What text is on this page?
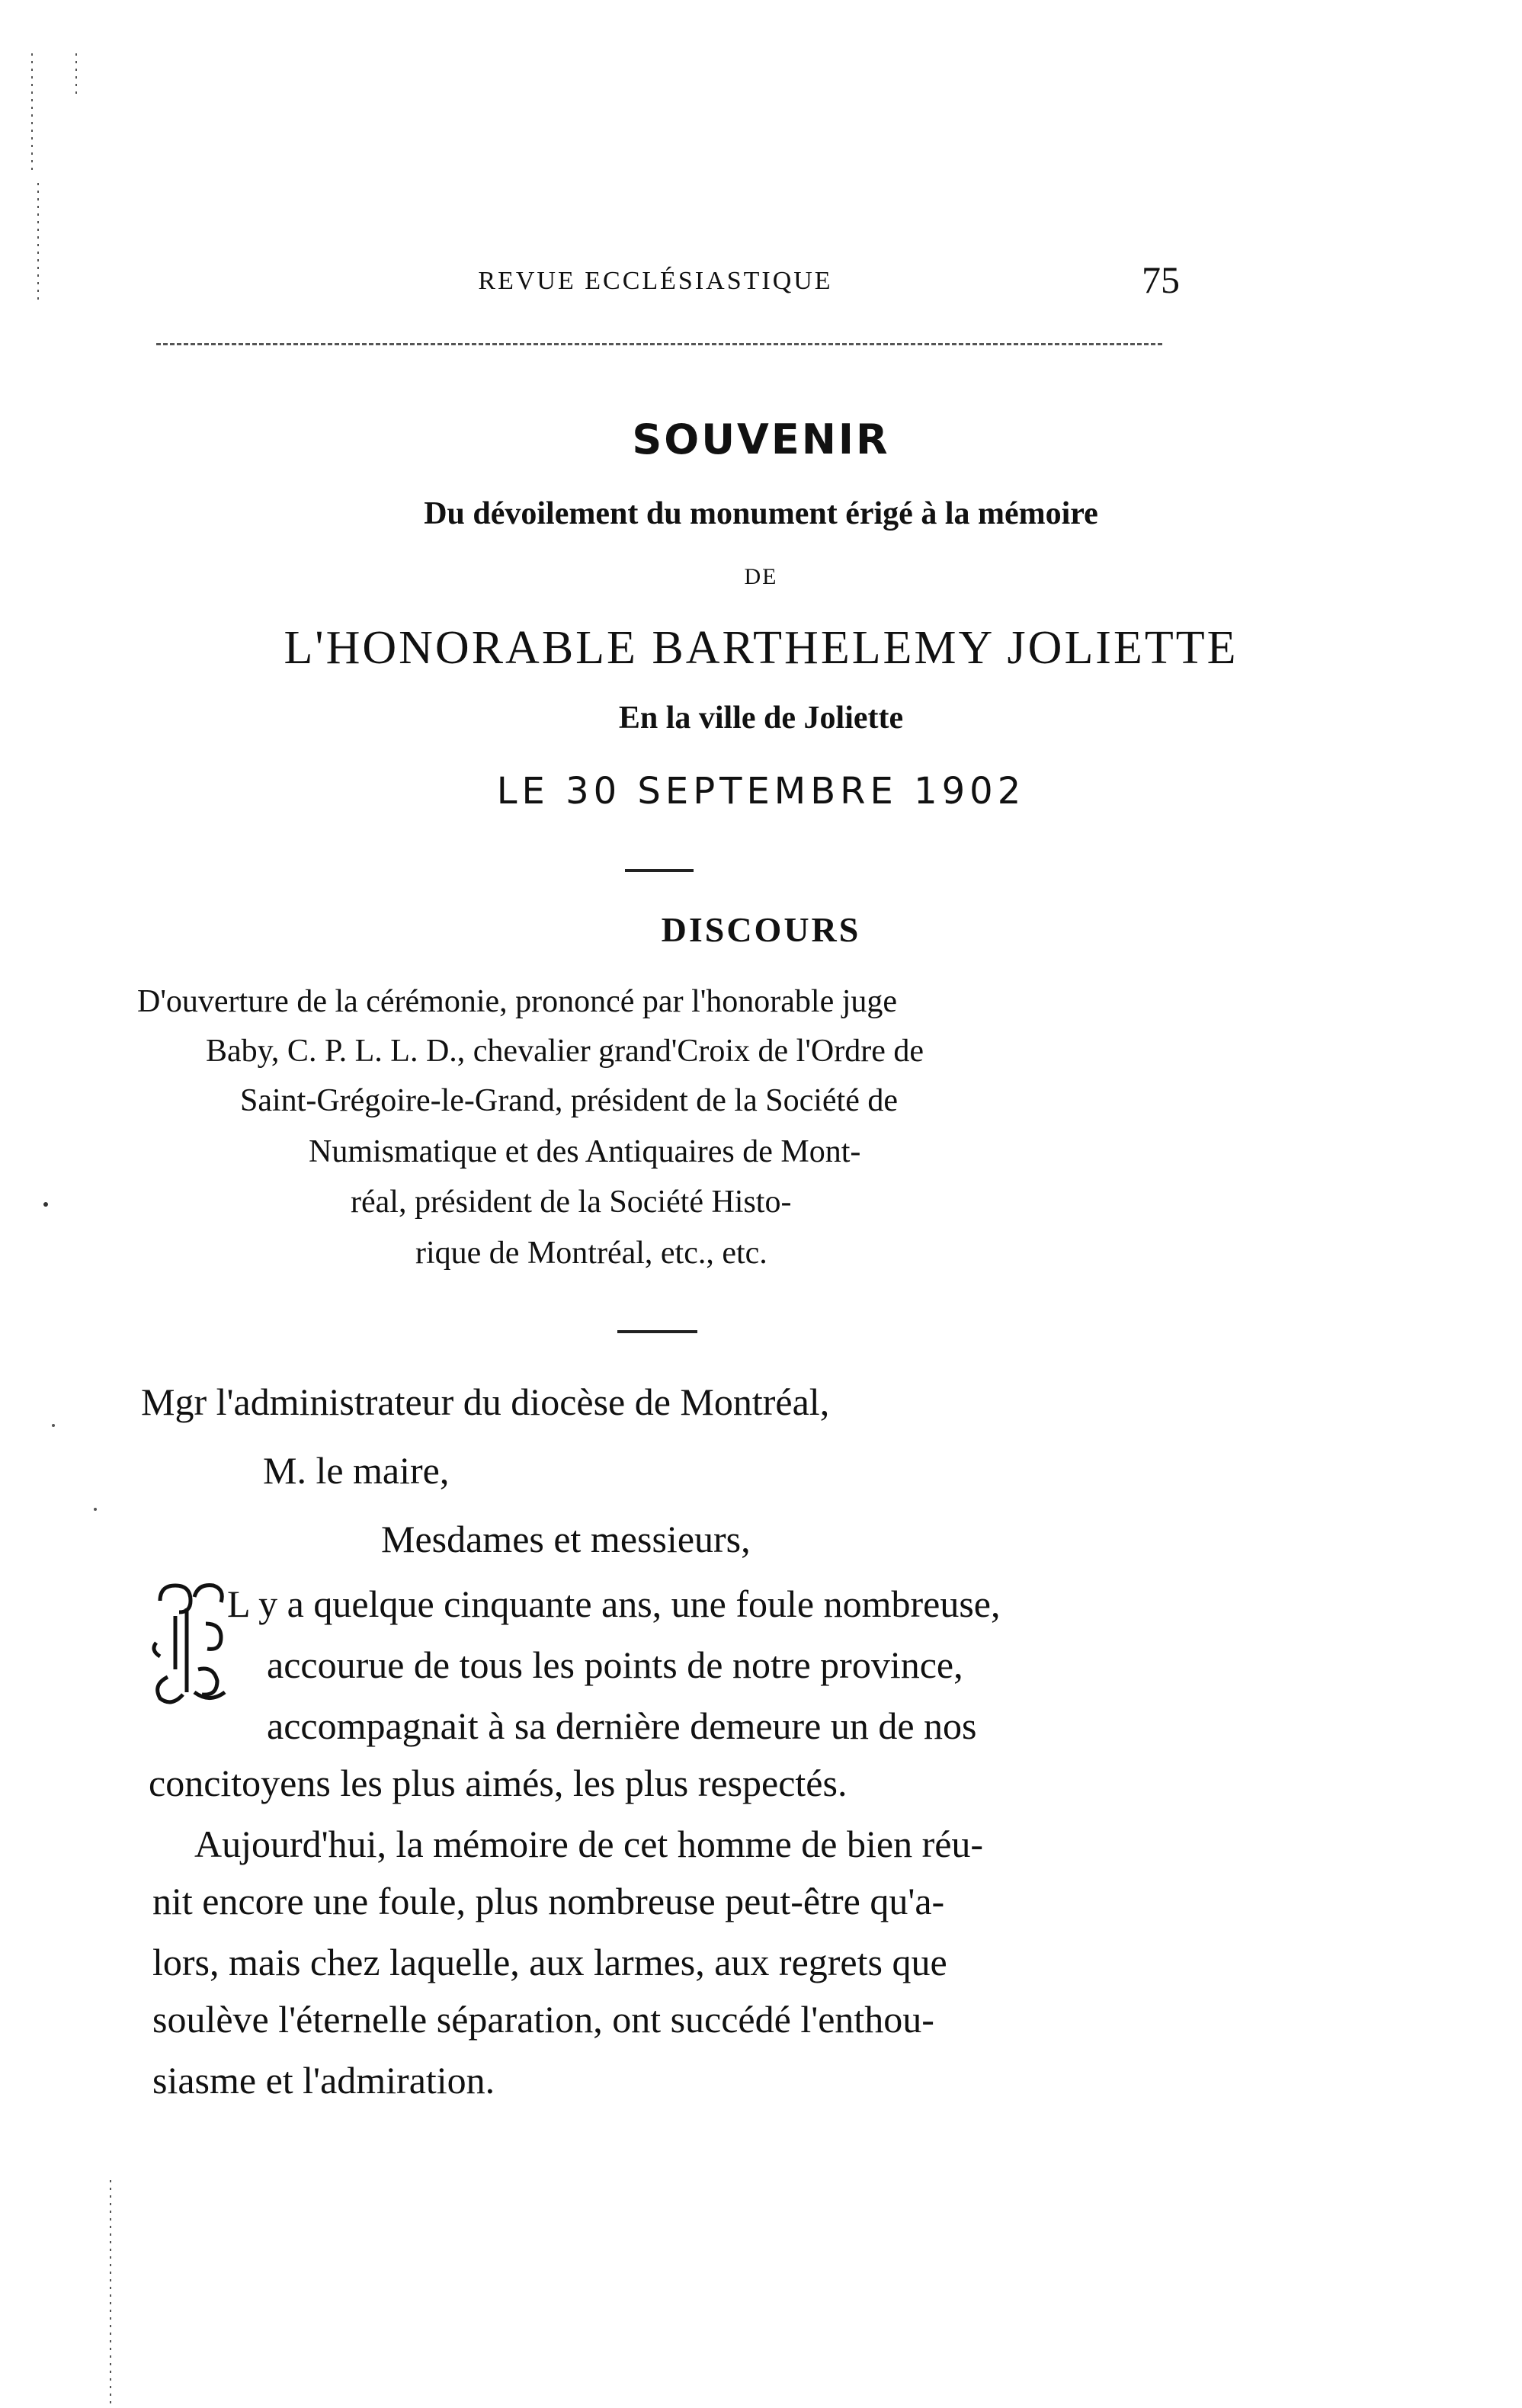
REVUE ECCLÉSIASTIQUE	75
SOUVENIR
Du dévoilement du monument érigé à la mémoire
DE
L'HONORABLE BARTHELEMY JOLIETTE
En la ville de Joliette
LE 30 SEPTEMBRE 1902
DISCOURS
D'ouverture de la cérémonie, prononcé par l'honorable juge
Baby, C. P. L. L. D., chevalier grand'Croix de l'Ordre de
Saint-Grégoire-le-Grand, président de la Société de
Numismatique et des Antiquaires de Mont-
réal, président de la Société Histo-
rique de Montréal, etc., etc.
Mgr l'administrateur du diocèse de Montréal,
M. le maire,
Mesdames et messieurs,
L y a quelque cinquante ans, une foule nombreuse,
accourue de tous les points de notre province,
accompagnait à sa dernière demeure un de nos
concitoyens les plus aimés, les plus respectés.
Aujourd'hui, la mémoire de cet homme de bien réu-
nit encore une foule, plus nombreuse peut-être qu'a-
lors, mais chez laquelle, aux larmes, aux regrets que
soulève l'éternelle séparation, ont succédé l'enthou-
siasme et l'admiration.
